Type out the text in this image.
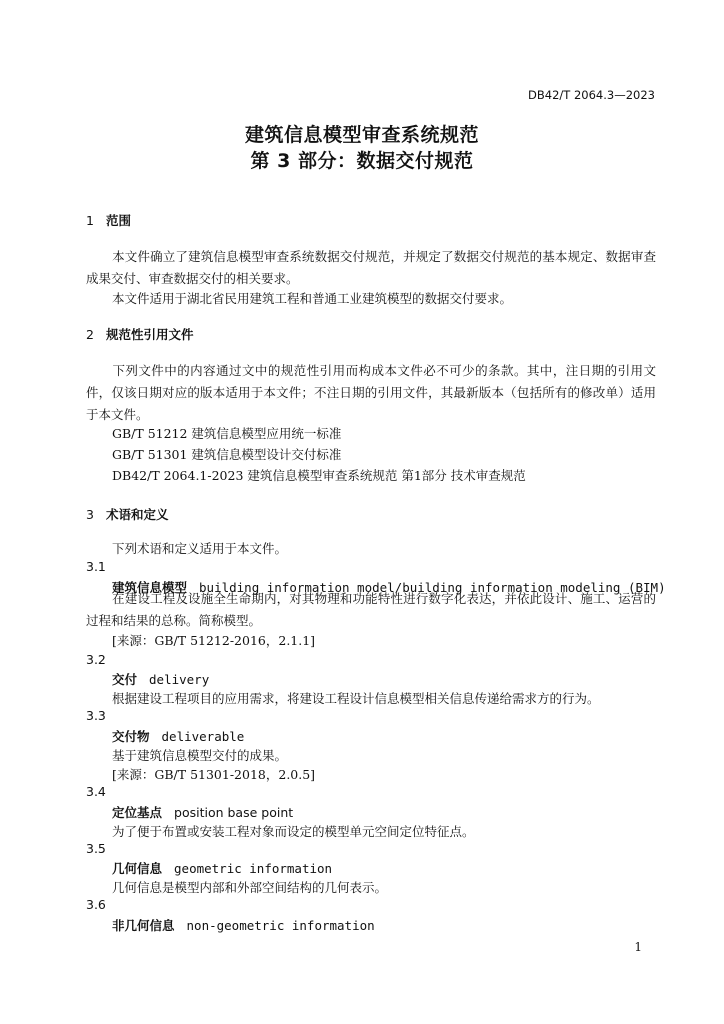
DB42/T 2064.3—2023
建筑信息模型审查系统规范
第 3 部分：数据交付规范
1 范围
本文件确立了建筑信息模型审查系统数据交付规范，并规定了数据交付规范的基本规定、数据审查成果交付、审查数据交付的相关要求。
本文件适用于湖北省民用建筑工程和普通工业建筑模型的数据交付要求。
2 规范性引用文件
下列文件中的内容通过文中的规范性引用而构成本文件必不可少的条款。其中，注日期的引用文件，仅该日期对应的版本适用于本文件；不注日期的引用文件，其最新版本（包括所有的修改单）适用于本文件。
GB/T 51212 建筑信息模型应用统一标准
GB/T 51301 建筑信息模型设计交付标准
DB42/T 2064.1-2023 建筑信息模型审查系统规范 第1部分 技术审查规范
3 术语和定义
下列术语和定义适用于本文件。
3.1
建筑信息模型 building information model/building information modeling (BIM)
在建设工程及设施全生命期内，对其物理和功能特性进行数字化表达，并依此设计、施工、运营的过程和结果的总称。简称模型。
[来源：GB/T 51212-2016，2.1.1]
3.2
交付 delivery
根据建设工程项目的应用需求，将建设工程设计信息模型相关信息传递给需求方的行为。
3.3
交付物 deliverable
基于建筑信息模型交付的成果。
[来源：GB/T 51301-2018，2.0.5]
3.4
定位基点 position base point
为了便于布置或安装工程对象而设定的模型单元空间定位特征点。
3.5
几何信息 geometric information
几何信息是模型内部和外部空间结构的几何表示。
3.6
非几何信息 non-geometric information
1
